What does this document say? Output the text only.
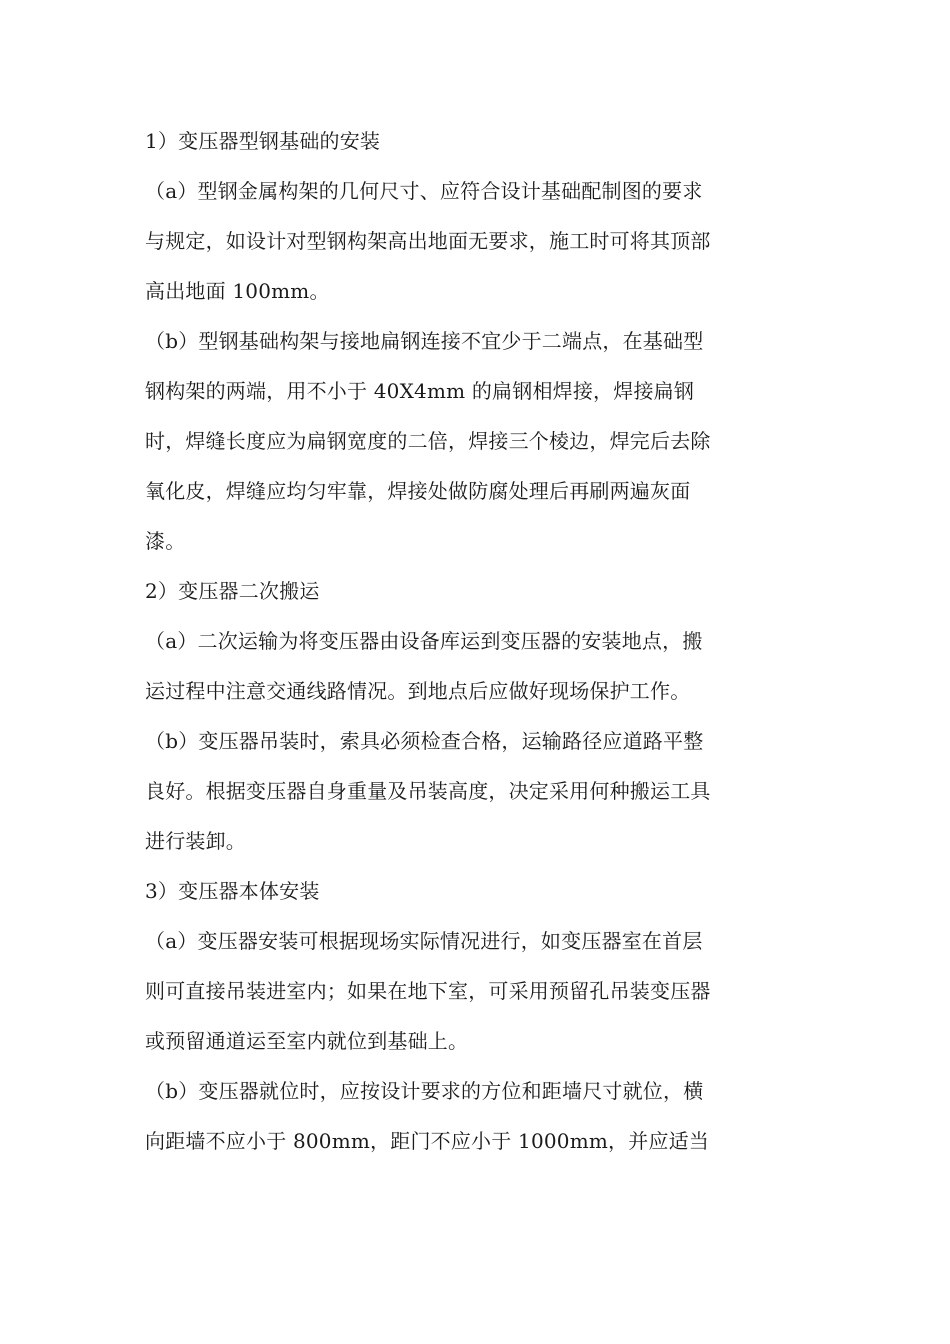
1）变压器型钢基础的安装

（a）型钢金属构架的几何尺寸、应符合设计基础配制图的要求与规定，如设计对型钢构架高出地面无要求，施工时可将其顶部高出地面 100mm。

（b）型钢基础构架与接地扁钢连接不宜少于二端点，在基础型钢构架的两端，用不小于 40X4mm 的扁钢相焊接，焊接扁钢时，焊缝长度应为扁钢宽度的二倍，焊接三个棱边，焊完后去除氧化皮，焊缝应均匀牢靠，焊接处做防腐处理后再刷两遍灰面漆。

2）变压器二次搬运

（a）二次运输为将变压器由设备库运到变压器的安装地点，搬运过程中注意交通线路情况。到地点后应做好现场保护工作。

（b）变压器吊装时，索具必须检查合格，运输路径应道路平整良好。根据变压器自身重量及吊装高度，决定采用何种搬运工具进行装卸。

3）变压器本体安装

（a）变压器安装可根据现场实际情况进行，如变压器室在首层则可直接吊装进室内；如果在地下室，可采用预留孔吊装变压器或预留通道运至室内就位到基础上。

（b）变压器就位时，应按设计要求的方位和距墙尺寸就位，横向距墙不应小于 800mm，距门不应小于 1000mm，并应适当
